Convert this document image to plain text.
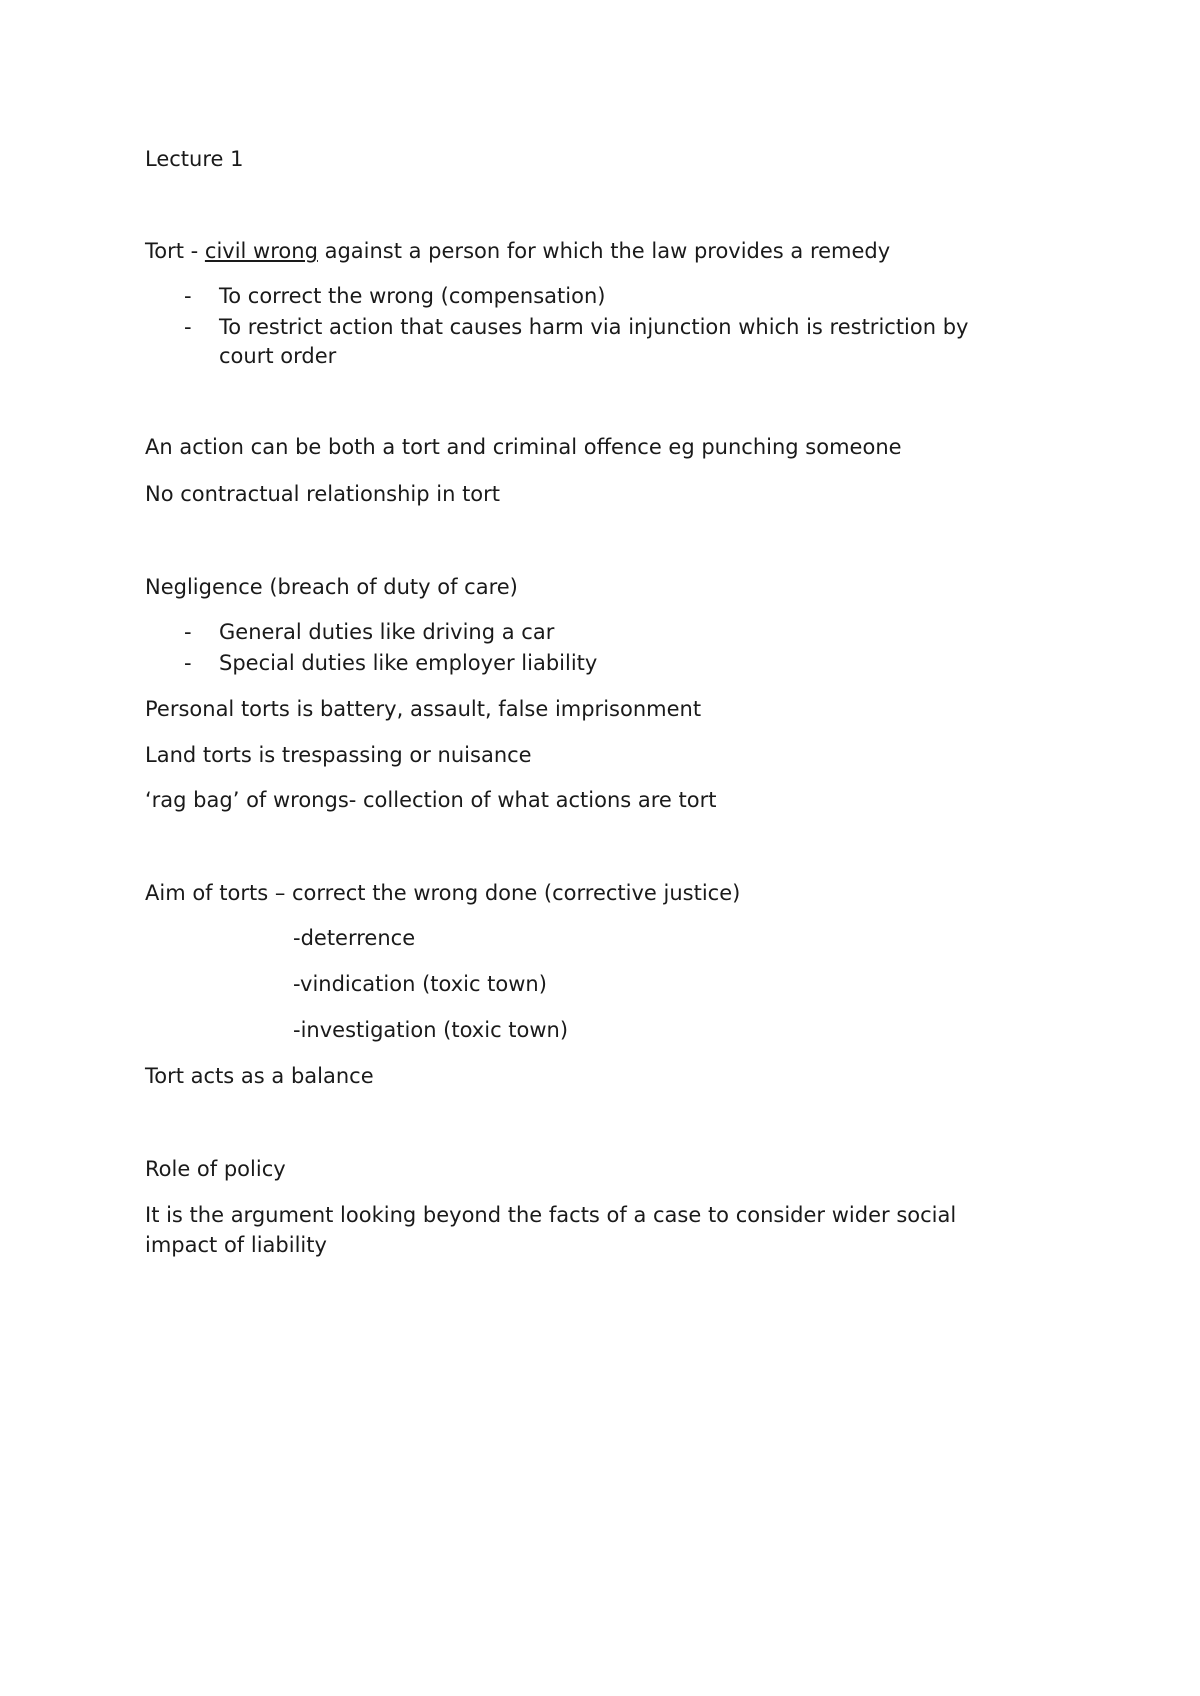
Lecture 1

Tort - civil wrong against a person for which the law provides a remedy

- To correct the wrong (compensation)
- To restrict action that causes harm via injunction which is restriction by
court order

An action can be both a tort and criminal offence eg punching someone

No contractual relationship in tort

Negligence (breach of duty of care)

- General duties like driving a car
- Special duties like employer liability

Personal torts is battery, assault, false imprisonment

Land torts is trespassing or nuisance

‘rag bag’ of wrongs- collection of what actions are tort

Aim of torts – correct the wrong done (corrective justice)

-deterrence
-vindication (toxic town)
-investigation (toxic town)

Tort acts as a balance

Role of policy

It is the argument looking beyond the facts of a case to consider wider social

impact of liability
